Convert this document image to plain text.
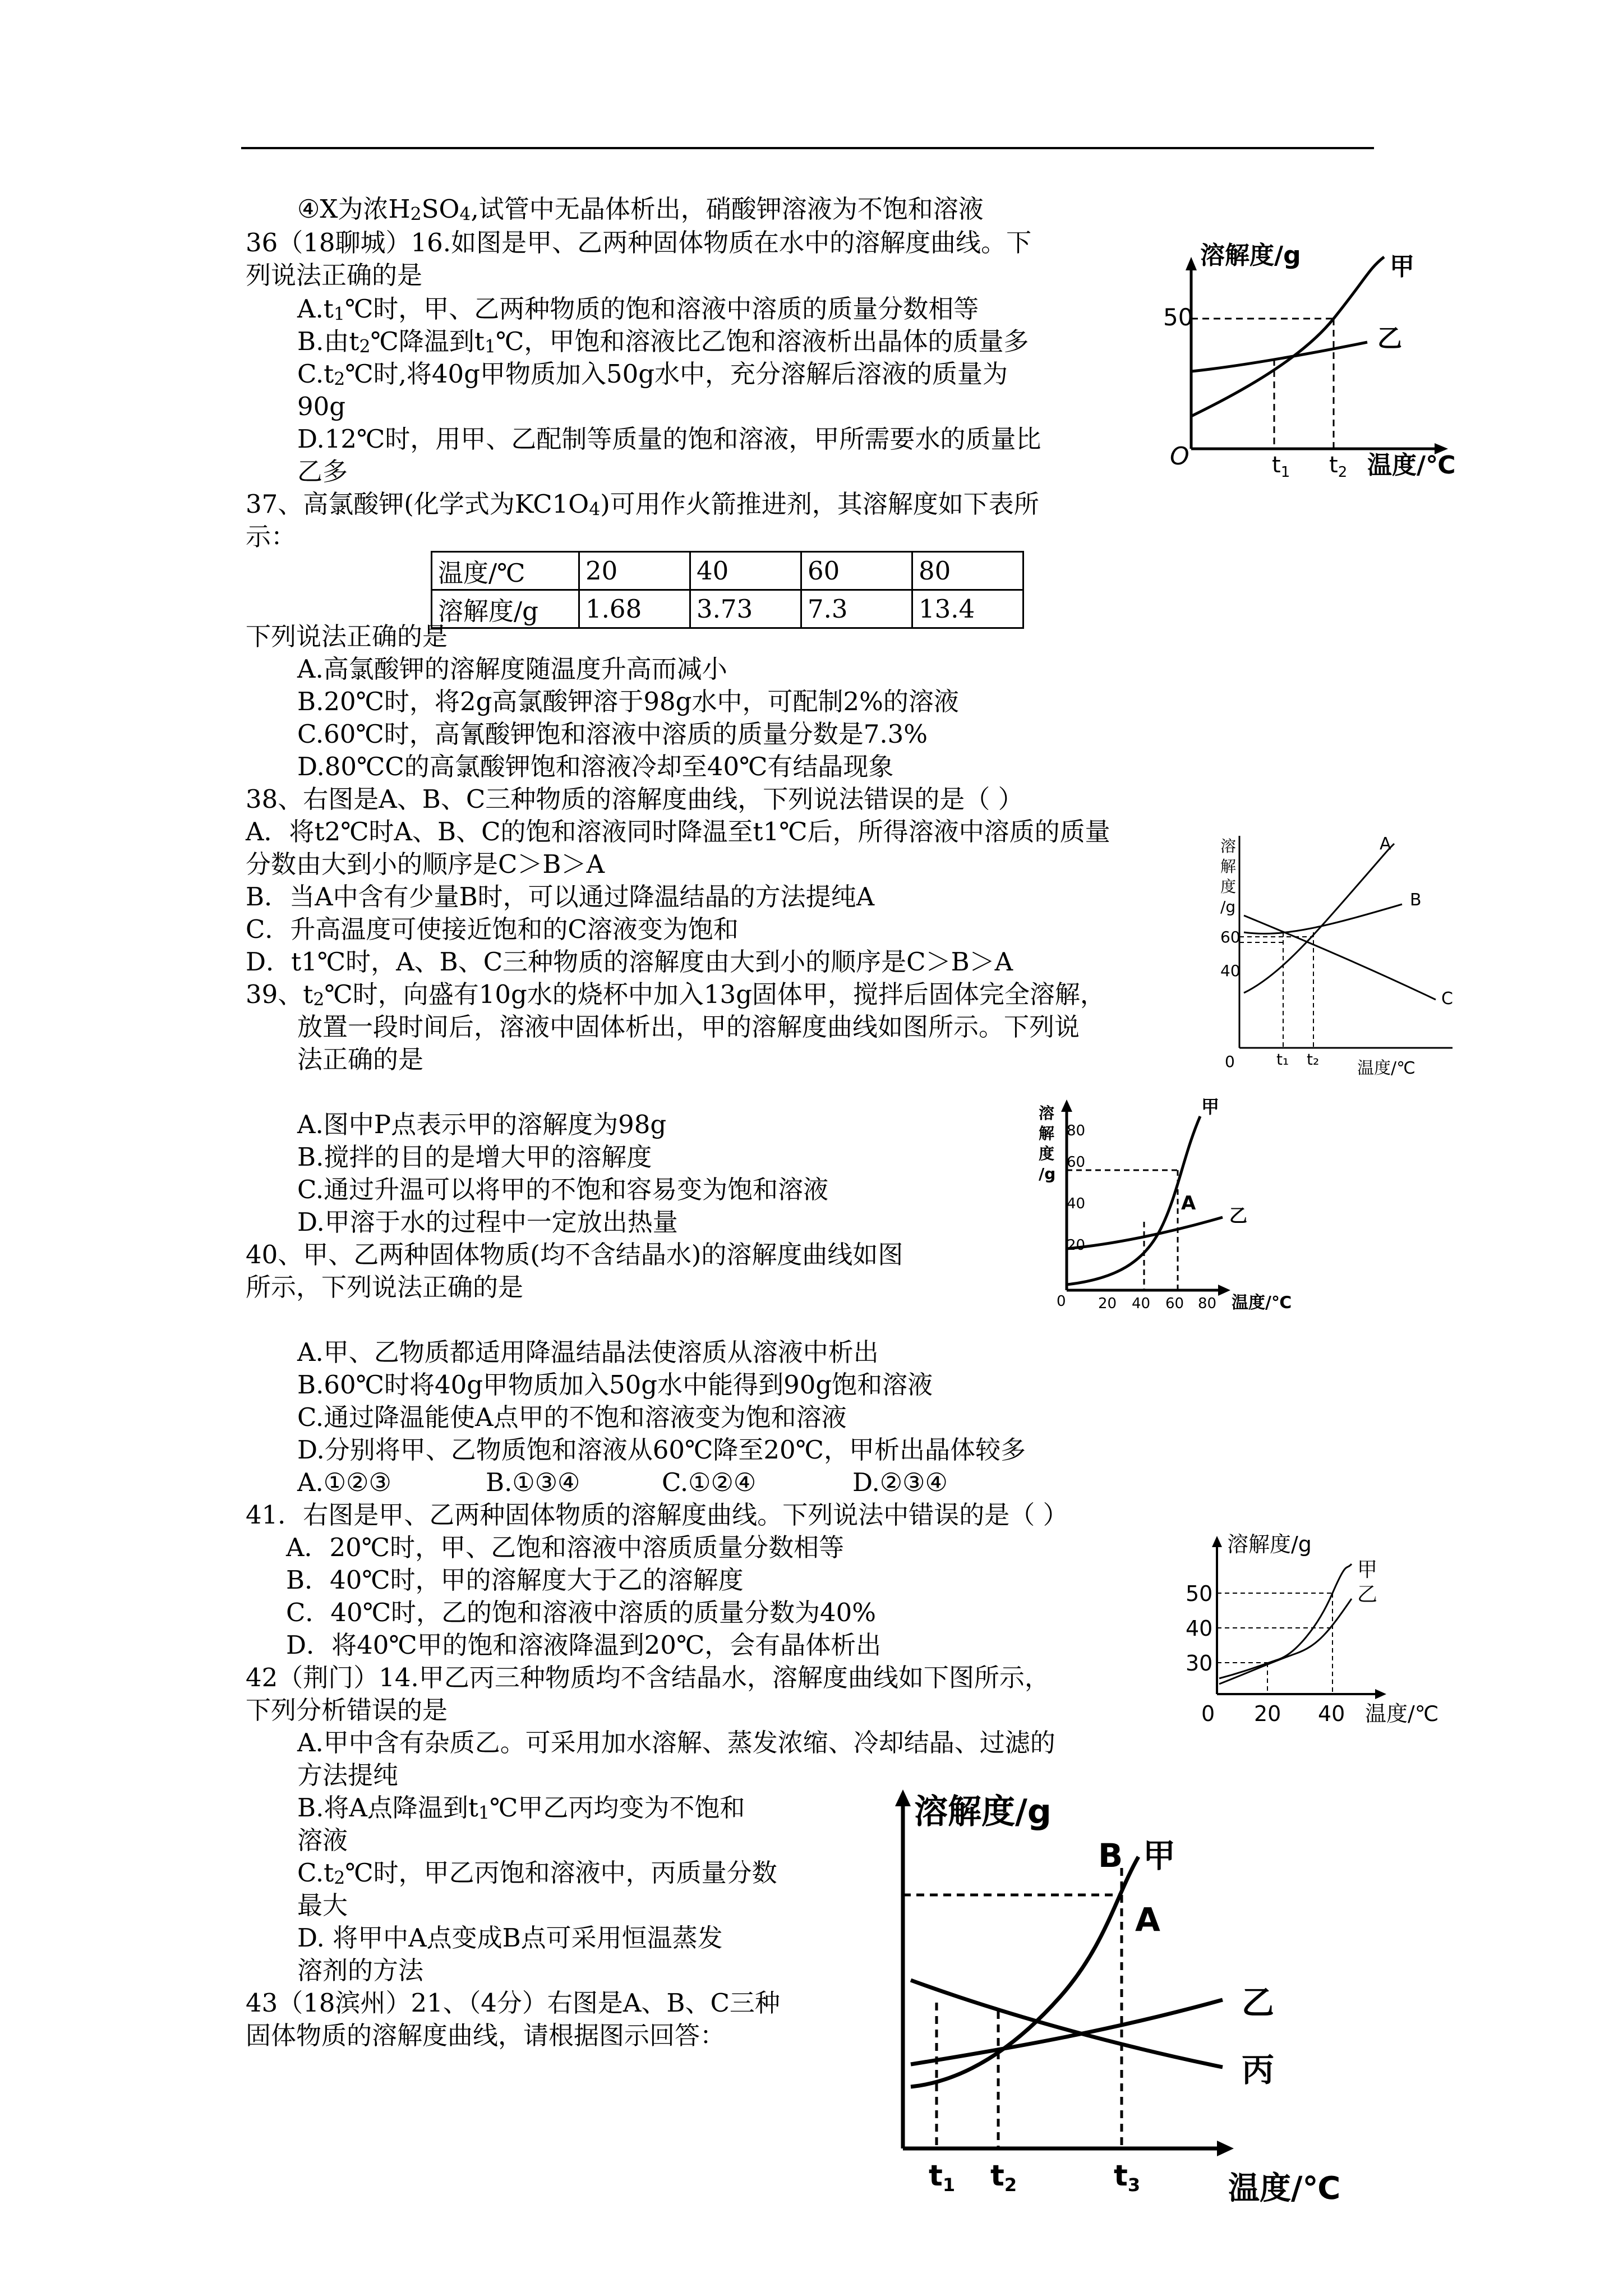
④X为浓$H_2SO_4$,试管中无晶体析出，硝酸钾溶液为不饱和溶液
36（18聊城）16.如图是甲、乙两种固体物质在水中的溶解度曲线。下
列说法正确的是
$A.t_1℃$时，甲、乙两种物质的饱和溶液中溶质的质量分数相等
B.由$t_2℃$降温到$t_1℃$，甲饱和溶液比乙饱和溶液析出晶体的质量多
$C.t_2℃$时,将40g甲物质加入50g水中，充分溶解后溶液的质量为
90g
D.12℃时，用甲、乙配制等质量的饱和溶液，甲所需要水的质量比
乙多
溶解度/g
50
O
甲
乙
$t_1$ $t_2$ 温度/℃
37、高氯酸钾(化学式为$KC1O_4$)可用作火箭推进剂，其溶解度如下表所
示：
温度/℃	20	40	60	80
溶解度/g	1.68	3.73	7.3	13.4
下列说法正确的是
A.高氯酸钾的溶解度随温度升高而减小
B.20℃时，将2g高氯酸钾溶于98g水中，可配制2%的溶液
C.60℃时，高氰酸钾饱和溶液中溶质的质量分数是7.3%
D.80℃C的高氯酸钾饱和溶液冷却至40℃有结晶现象
38、右图是A、B、C三种物质的溶解度曲线，下列说法错误的是（ ）
A．将t2℃时A、B、C的饱和溶液同时降温至t1℃后，所得溶液中溶质的质量
分数由大到小的顺序是C＞B＞A
B．当A中含有少量B时，可以通过降温结晶的方法提纯A
C．升高温度可使接近饱和的C溶液变为饱和
D．t1℃时，A、B、C三种物质的溶解度由大到小的顺序是C＞B＞A
溶
解
度
/g
60
40
0
A
B
C
t₁ t₂ 温度/℃
39、$t_2℃$时，向盛有10g水的烧杯中加入13g固体甲，搅拌后固体完全溶解，
放置一段时间后，溶液中固体析出，甲的溶解度曲线如图所示。下列说
法正确的是
A.图中P点表示甲的溶解度为98g
B.搅拌的目的是增大甲的溶解度
C.通过升温可以将甲的不饱和容易变为饱和溶液
D.甲溶于水的过程中一定放出热量
40、甲、乙两种固体物质(均不含结晶水)的溶解度曲线如图
所示，下列说法正确的是
A.甲、乙物质都适用降温结晶法使溶质从溶液中析出
B.60℃时将40g甲物质加入50g水中能得到90g饱和溶液
C.通过降温能使A点甲的不饱和溶液变为饱和溶液
D.分别将甲、乙物质饱和溶液从60℃降至20℃，甲析出晶体较多
A.①②③	B.①③④	C.①②④	D.②③④
溶
解
度
/g
80
60
40
20
0
甲
乙
A
20 40 60 80 温度/℃
41．右图是甲、乙两种固体物质的溶解度曲线。下列说法中错误的是（ ）
A．20℃时，甲、乙饱和溶液中溶质质量分数相等
B．40℃时，甲的溶解度大于乙的溶解度
C．40℃时，乙的饱和溶液中溶质的质量分数为40%
D．将40℃甲的饱和溶液降温到20℃，会有晶体析出
溶解度/g
50
40
30
甲
乙
0 20 40 温度/℃
42（荆门）14.甲乙丙三种物质均不含结晶水，溶解度曲线如下图所示，
下列分析错误的是
A.甲中含有杂质乙。可采用加水溶解、蒸发浓缩、冷却结晶、过滤的
方法提纯
B.将A点降温到$t_1℃$甲乙丙均变为不饱和
溶液
$C.t_2℃$时，甲乙丙饱和溶液中，丙质量分数
最大
D. 将甲中A点变成B点可采用恒温蒸发
溶剂的方法
溶解度/g
B 甲
A
乙
丙
t1 t2	t3	温度/℃
43（18滨州）21、（4分）右图是A、B、C三种
固体物质的溶解度曲线，请根据图示回答：
